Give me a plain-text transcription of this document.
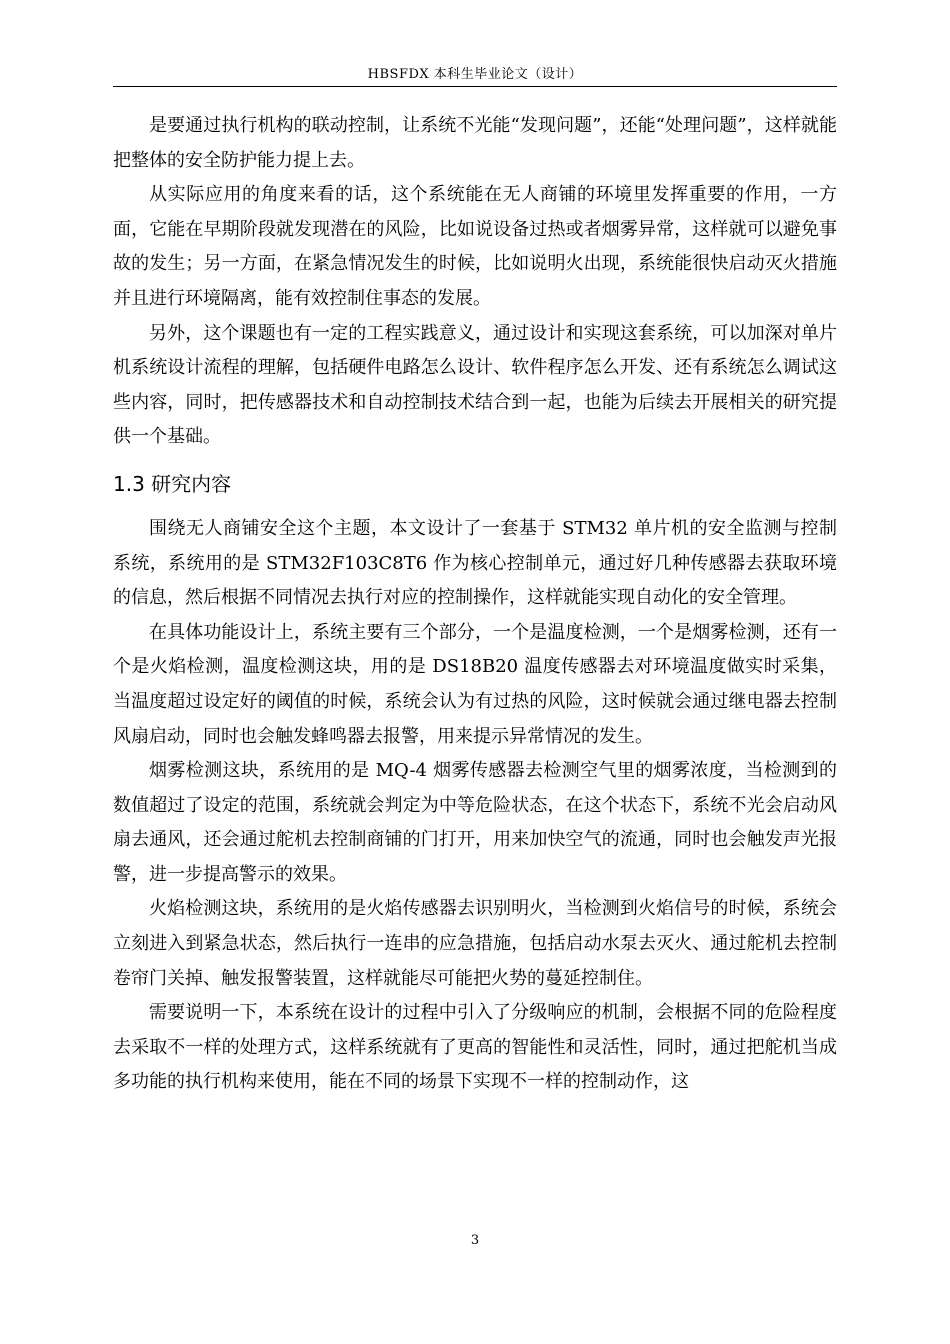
HBSFDX 本科生毕业论文（设计）

是要通过执行机构的联动控制，让系统不光能“发现问题”，还能“处理问题”，这样就能把整体的安全防护能力提上去。

从实际应用的角度来看的话，这个系统能在无人商铺的环境里发挥重要的作用，一方面，它能在早期阶段就发现潜在的风险，比如说设备过热或者烟雾异常，这样就可以避免事故的发生；另一方面，在紧急情况发生的时候，比如说明火出现，系统能很快启动灭火措施并且进行环境隔离，能有效控制住事态的发展。

另外，这个课题也有一定的工程实践意义，通过设计和实现这套系统，可以加深对单片机系统设计流程的理解，包括硬件电路怎么设计、软件程序怎么开发、还有系统怎么调试这些内容，同时，把传感器技术和自动控制技术结合到一起，也能为后续去开展相关的研究提供一个基础。

1.3 研究内容

围绕无人商铺安全这个主题，本文设计了一套基于 STM32 单片机的安全监测与控制系统，系统用的是 STM32F103C8T6 作为核心控制单元，通过好几种传感器去获取环境的信息，然后根据不同情况去执行对应的控制操作，这样就能实现自动化的安全管理。

在具体功能设计上，系统主要有三个部分，一个是温度检测，一个是烟雾检测，还有一个是火焰检测，温度检测这块，用的是 DS18B20 温度传感器去对环境温度做实时采集，当温度超过设定好的阈值的时候，系统会认为有过热的风险，这时候就会通过继电器去控制风扇启动，同时也会触发蜂鸣器去报警，用来提示异常情况的发生。

烟雾检测这块，系统用的是 MQ-4 烟雾传感器去检测空气里的烟雾浓度，当检测到的数值超过了设定的范围，系统就会判定为中等危险状态，在这个状态下，系统不光会启动风扇去通风，还会通过舵机去控制商铺的门打开，用来加快空气的流通，同时也会触发声光报警，进一步提高警示的效果。

火焰检测这块，系统用的是火焰传感器去识别明火，当检测到火焰信号的时候，系统会立刻进入到紧急状态，然后执行一连串的应急措施，包括启动水泵去灭火、通过舵机去控制卷帘门关掉、触发报警装置，这样就能尽可能把火势的蔓延控制住。

需要说明一下，本系统在设计的过程中引入了分级响应的机制，会根据不同的危险程度去采取不一样的处理方式，这样系统就有了更高的智能性和灵活性，同时，通过把舵机当成多功能的执行机构来使用，能在不同的场景下实现不一样的控制动作，这

3
